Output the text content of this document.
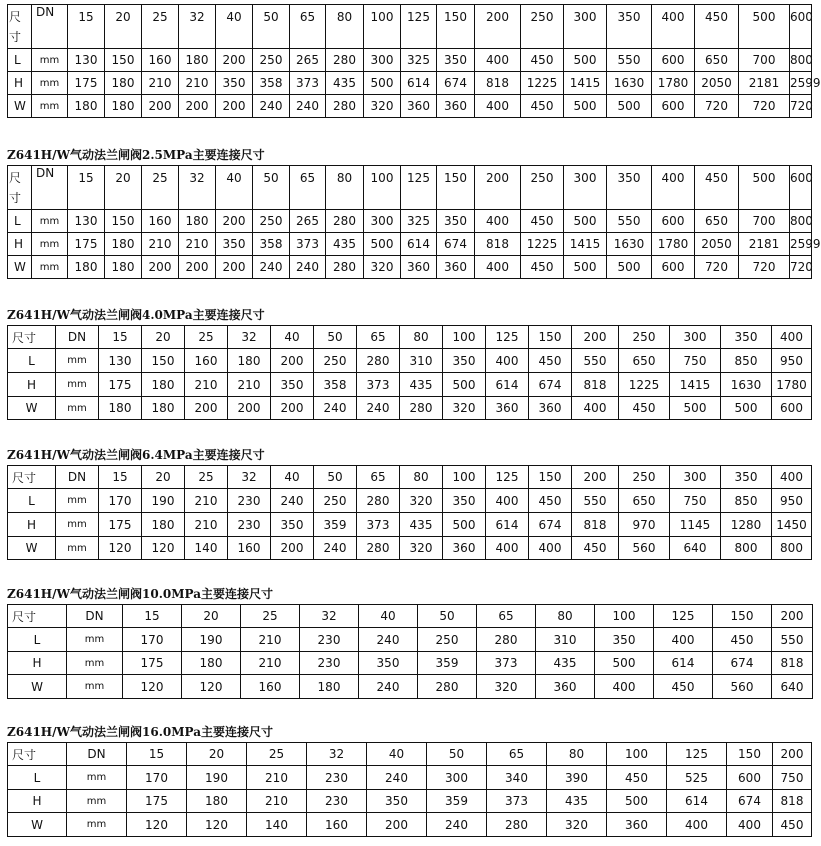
尺寸	DN	15	20	25	32	40	50	65	80	100	125	150	200	250	300	350	400	450	500	600
L	mm	130	150	160	180	200	250	265	280	300	325	350	400	450	500	550	600	650	700	800
H	mm	175	180	210	210	350	358	373	435	500	614	674	818	1225	1415	1630	1780	2050	2181	2599
W	mm	180	180	200	200	200	240	240	280	320	360	360	400	450	500	500	600	720	720	720
Z641H/W气动法兰闸阀2.5MPa主要连接尺寸
尺寸	DN	15	20	25	32	40	50	65	80	100	125	150	200	250	300	350	400	450	500	600
L	mm	130	150	160	180	200	250	265	280	300	325	350	400	450	500	550	600	650	700	800
H	mm	175	180	210	210	350	358	373	435	500	614	674	818	1225	1415	1630	1780	2050	2181	2599
W	mm	180	180	200	200	200	240	240	280	320	360	360	400	450	500	500	600	720	720	720
Z641H/W气动法兰闸阀4.0MPa主要连接尺寸
尺寸	DN	15	20	25	32	40	50	65	80	100	125	150	200	250	300	350	400
L	mm	130	150	160	180	200	250	280	310	350	400	450	550	650	750	850	950
H	mm	175	180	210	210	350	358	373	435	500	614	674	818	1225	1415	1630	1780
W	mm	180	180	200	200	200	240	240	280	320	360	360	400	450	500	500	600
Z641H/W气动法兰闸阀6.4MPa主要连接尺寸
尺寸	DN	15	20	25	32	40	50	65	80	100	125	150	200	250	300	350	400
L	mm	170	190	210	230	240	250	280	320	350	400	450	550	650	750	850	950
H	mm	175	180	210	230	350	359	373	435	500	614	674	818	970	1145	1280	1450
W	mm	120	120	140	160	200	240	280	320	360	400	400	450	560	640	800	800
Z641H/W气动法兰闸阀10.0MPa主要连接尺寸
尺寸	DN	15	20	25	32	40	50	65	80	100	125	150	200	
L	mm	170	190	210	230	240	250	280	310	350	400	450	550	
H	mm	175	180	210	230	350	359	373	435	500	614	674	818	
W	mm	120	120	160	180	240	280	320	360	400	450	560	640	
Z641H/W气动法兰闸阀16.0MPa主要连接尺寸
尺寸	DN	15	20	25	32	40	50	65	80	100	125	150	200
L	mm	170	190	210	230	240	300	340	390	450	525	600	750
H	mm	175	180	210	230	350	359	373	435	500	614	674	818
W	mm	120	120	140	160	200	240	280	320	360	400	400	450
